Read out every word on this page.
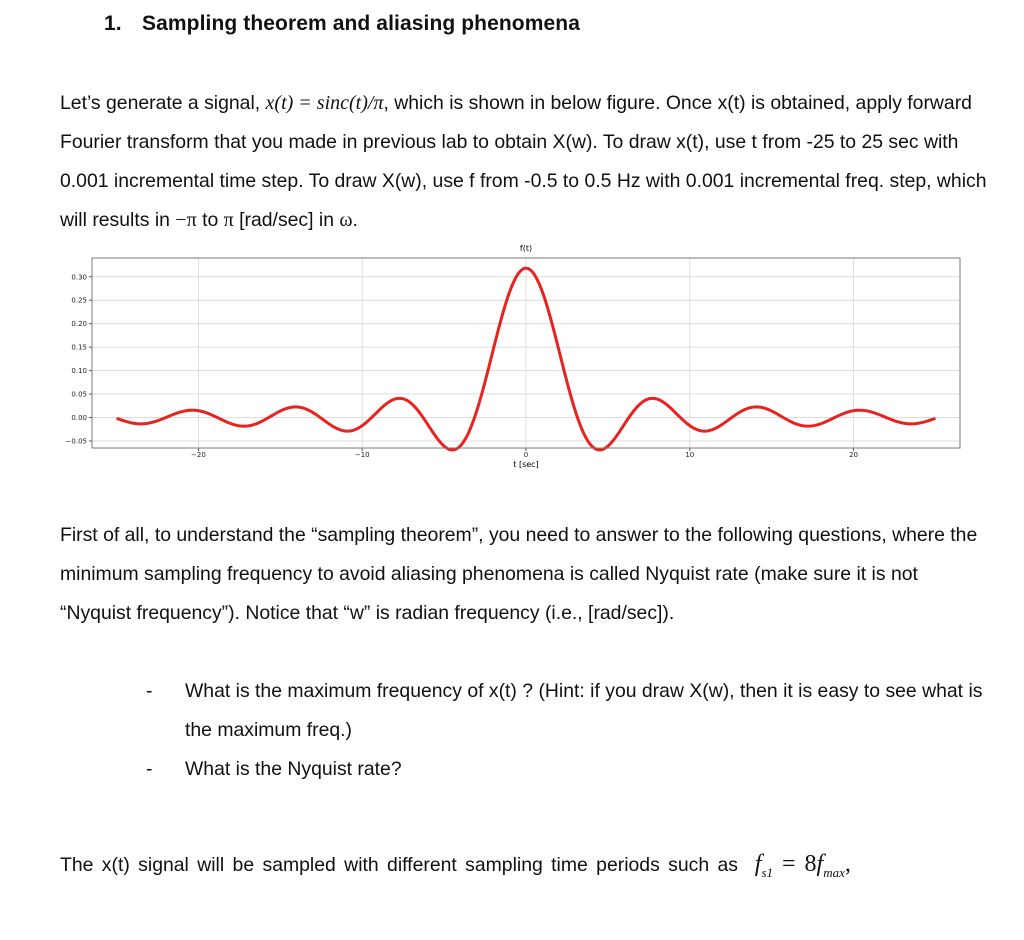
1. Sampling theorem and aliasing phenomena

Let’s generate a signal, x(t) = sinc(t)/π, which is shown in below figure. Once x(t) is obtained, apply forward Fourier transform that you made in previous lab to obtain X(w). To draw x(t), use t from -25 to 25 sec with 0.001 incremental time step. To draw X(w), use f from -0.5 to 0.5 Hz with 0.001 incremental freq. step, which will results in −π to π [rad/sec] in ω.

−20	−10	0	10	20
0.30
0.25
0.20
0.15
0.10
0.05
0.00
−0.05
f(t)
t [sec]

First of all, to understand the “sampling theorem”, you need to answer to the following questions, where the minimum sampling frequency to avoid aliasing phenomena is called Nyquist rate (make sure it is not “Nyquist frequency”). Notice that “w” is radian frequency (i.e., [rad/sec]).

- What is the maximum frequency of x(t) ? (Hint: if you draw X(w), then it is easy to see what is the maximum freq.)
- What is the Nyquist rate?

The x(t) signal will be sampled with different sampling time periods such as $f_{s1} = 8f_{max}$,
